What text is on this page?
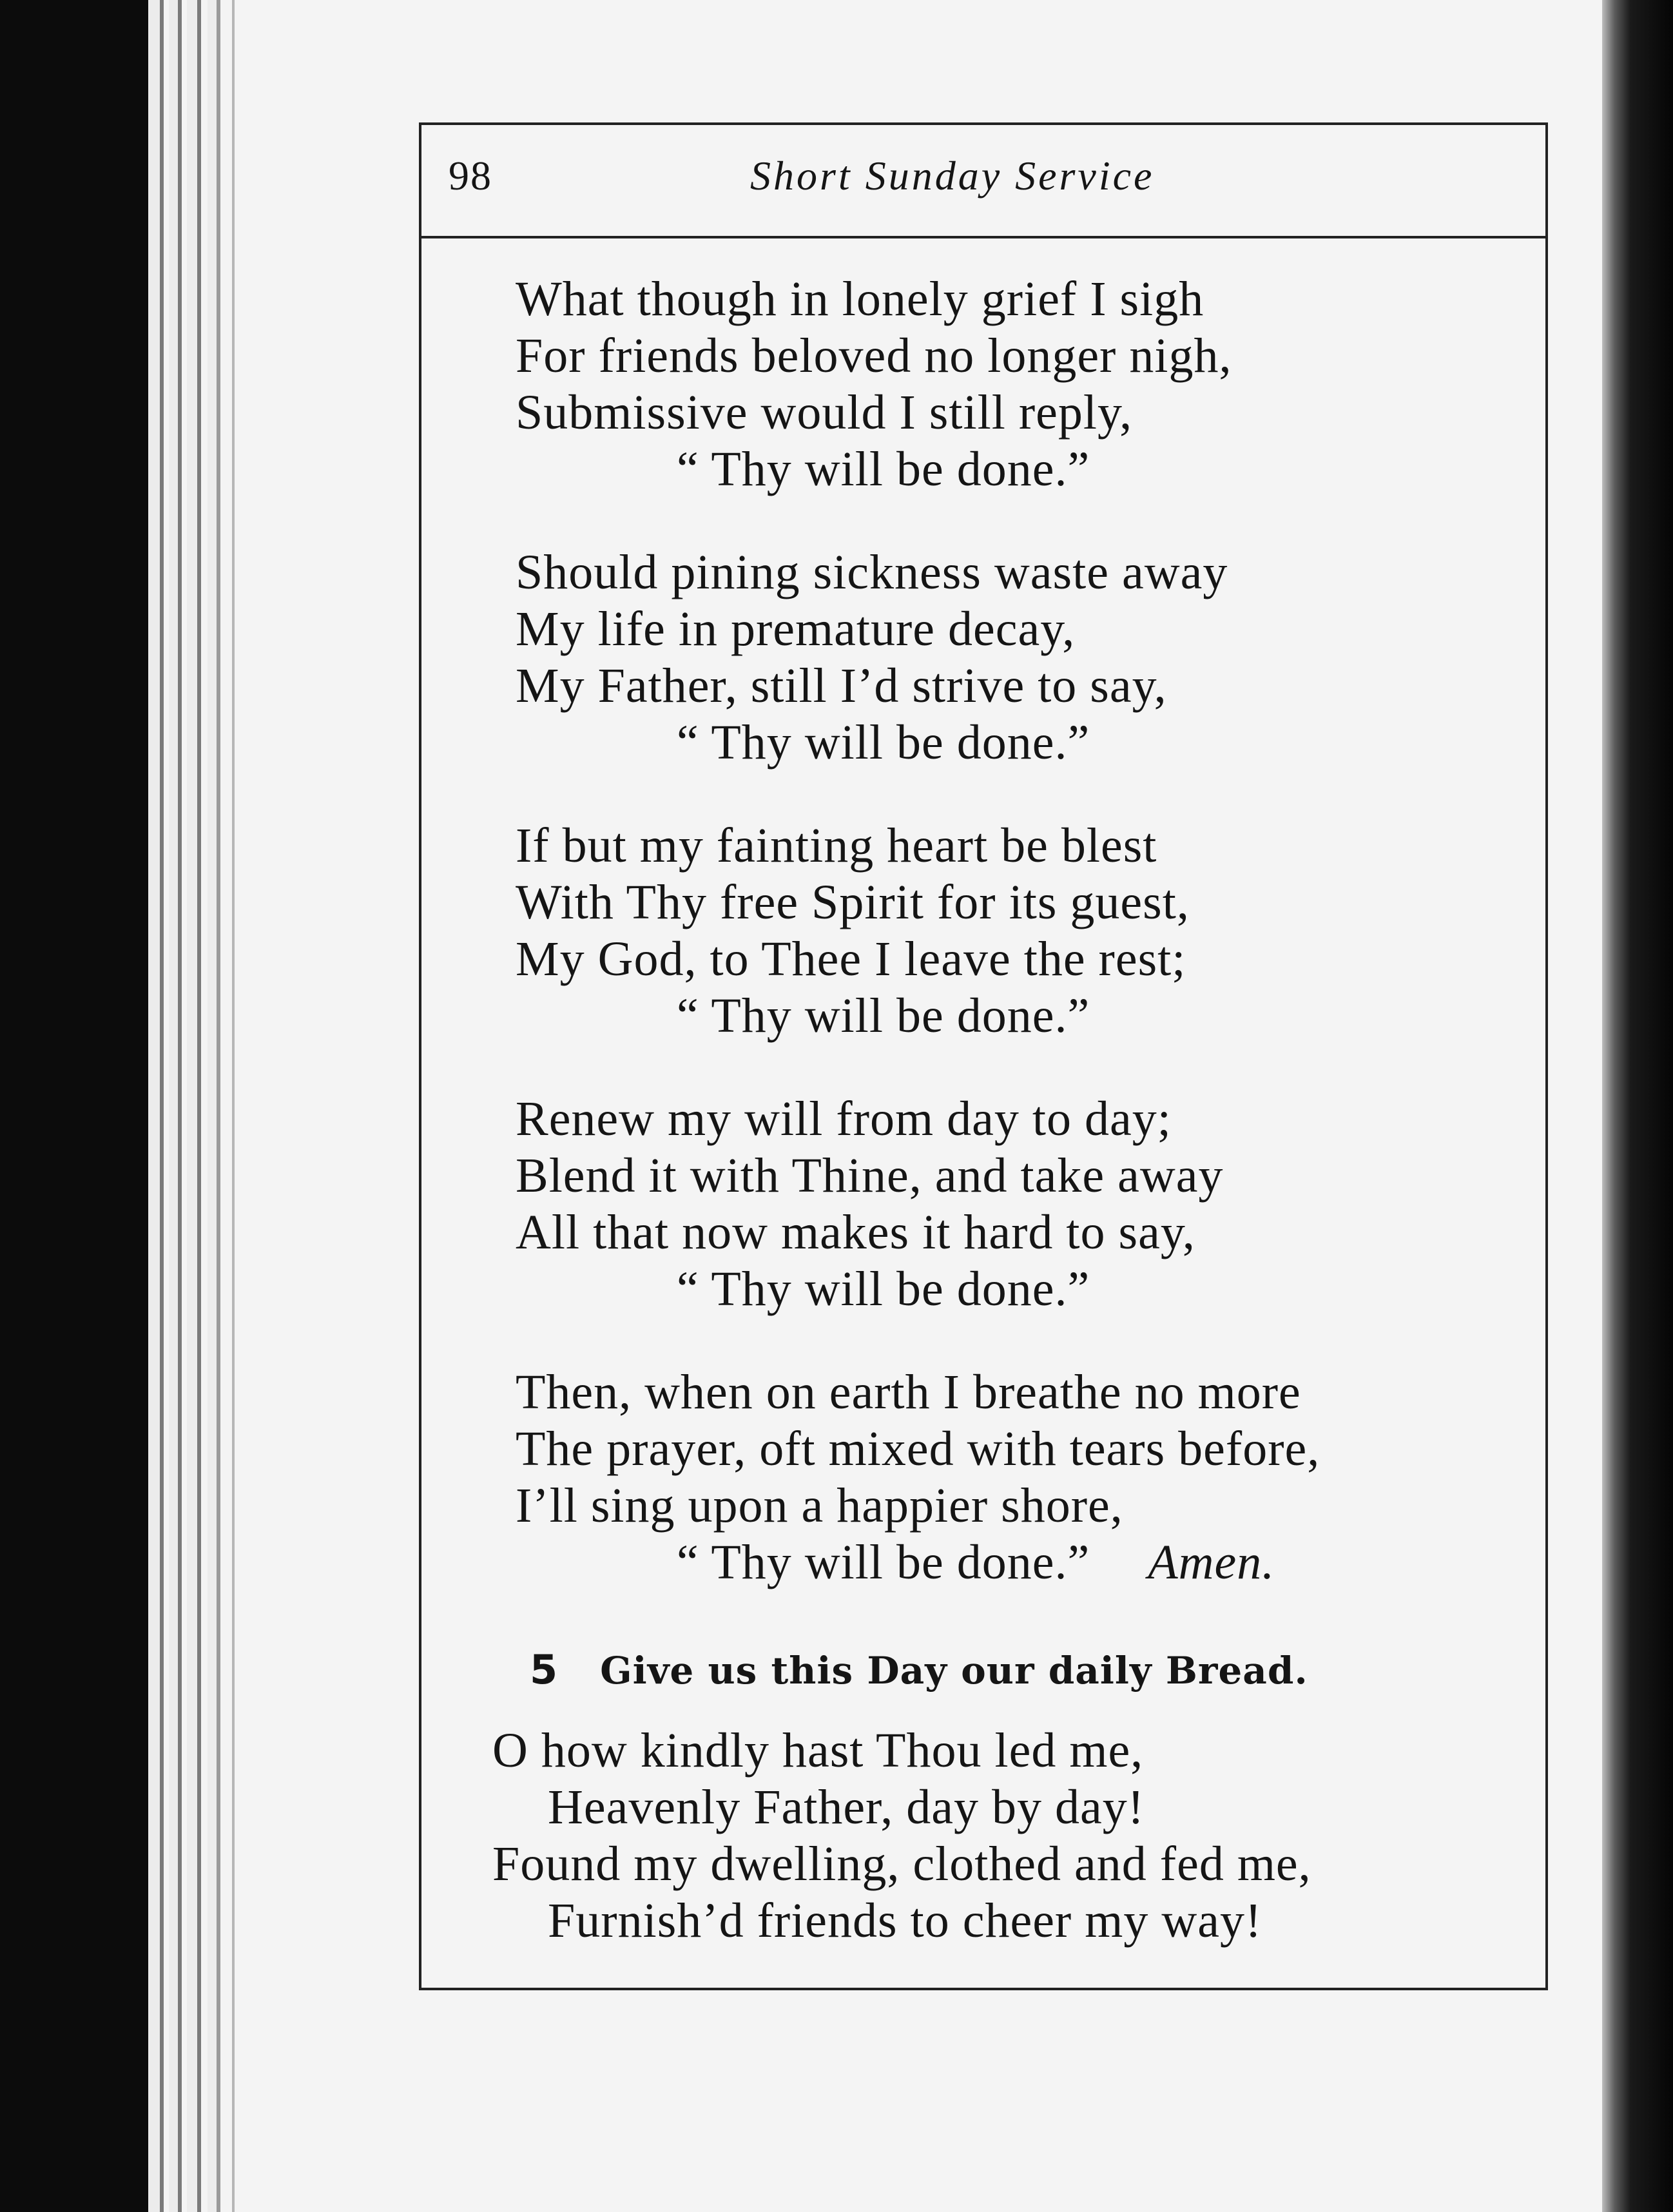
98	Short Sunday Service
What though in lonely grief I sigh
For friends beloved no longer nigh,
Submissive would I still reply,
“ Thy will be done.”
Should pining sickness waste away
My life in premature decay,
My Father, still I’d strive to say,
“ Thy will be done.”
If but my fainting heart be blest
With Thy free Spirit for its guest,
My God, to Thee I leave the rest;
“ Thy will be done.”
Renew my will from day to day;
Blend it with Thine, and take away
All that now makes it hard to say,
“ Thy will be done.”
Then, when on earth I breathe no more
The prayer, oft mixed with tears before,
I’ll sing upon a happier shore,
“ Thy will be done.” Amen.
5 Give us this Day our daily Bread.
O how kindly hast Thou led me,
Heavenly Father, day by day!
Found my dwelling, clothed and fed me,
Furnish’d friends to cheer my way!
